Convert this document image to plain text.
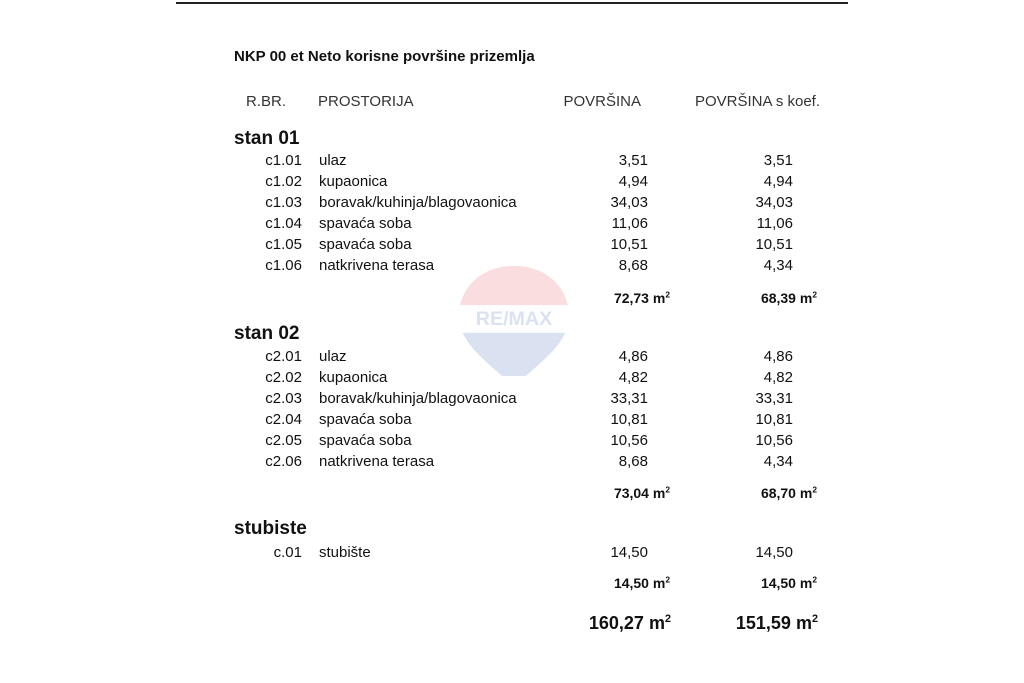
RE/MAX
NKP 00 et Neto korisne površine prizemlja
R.BR. PROSTORIJA	POVRŠINA	POVRŠINA s koef.
stan 01
c1.01 ulaz	3,51	3,51
c1.02 kupaonica	4,94	4,94
c1.03 boravak/kuhinja/blagovaonica	34,03	34,03
c1.04 spavaća soba	11,06	11,06
c1.05 spavaća soba	10,51	10,51
c1.06 natkrivena terasa	8,68	4,34
72,73 $m^2$	68,39 $m^2$
stan 02
c2.01 ulaz	4,86	4,86
c2.02 kupaonica	4,82	4,82
c2.03 boravak/kuhinja/blagovaonica	33,31	33,31
c2.04 spavaća soba	10,81	10,81
c2.05 spavaća soba	10,56	10,56
c2.06 natkrivena terasa	8,68	4,34
73,04 $m^2$	68,70 $m^2$
stubiste
c.01 stubište	14,50	14,50
14,50 $m^2$	14,50 $m^2$
160,27 $m^2$	151,59 $m^2$
